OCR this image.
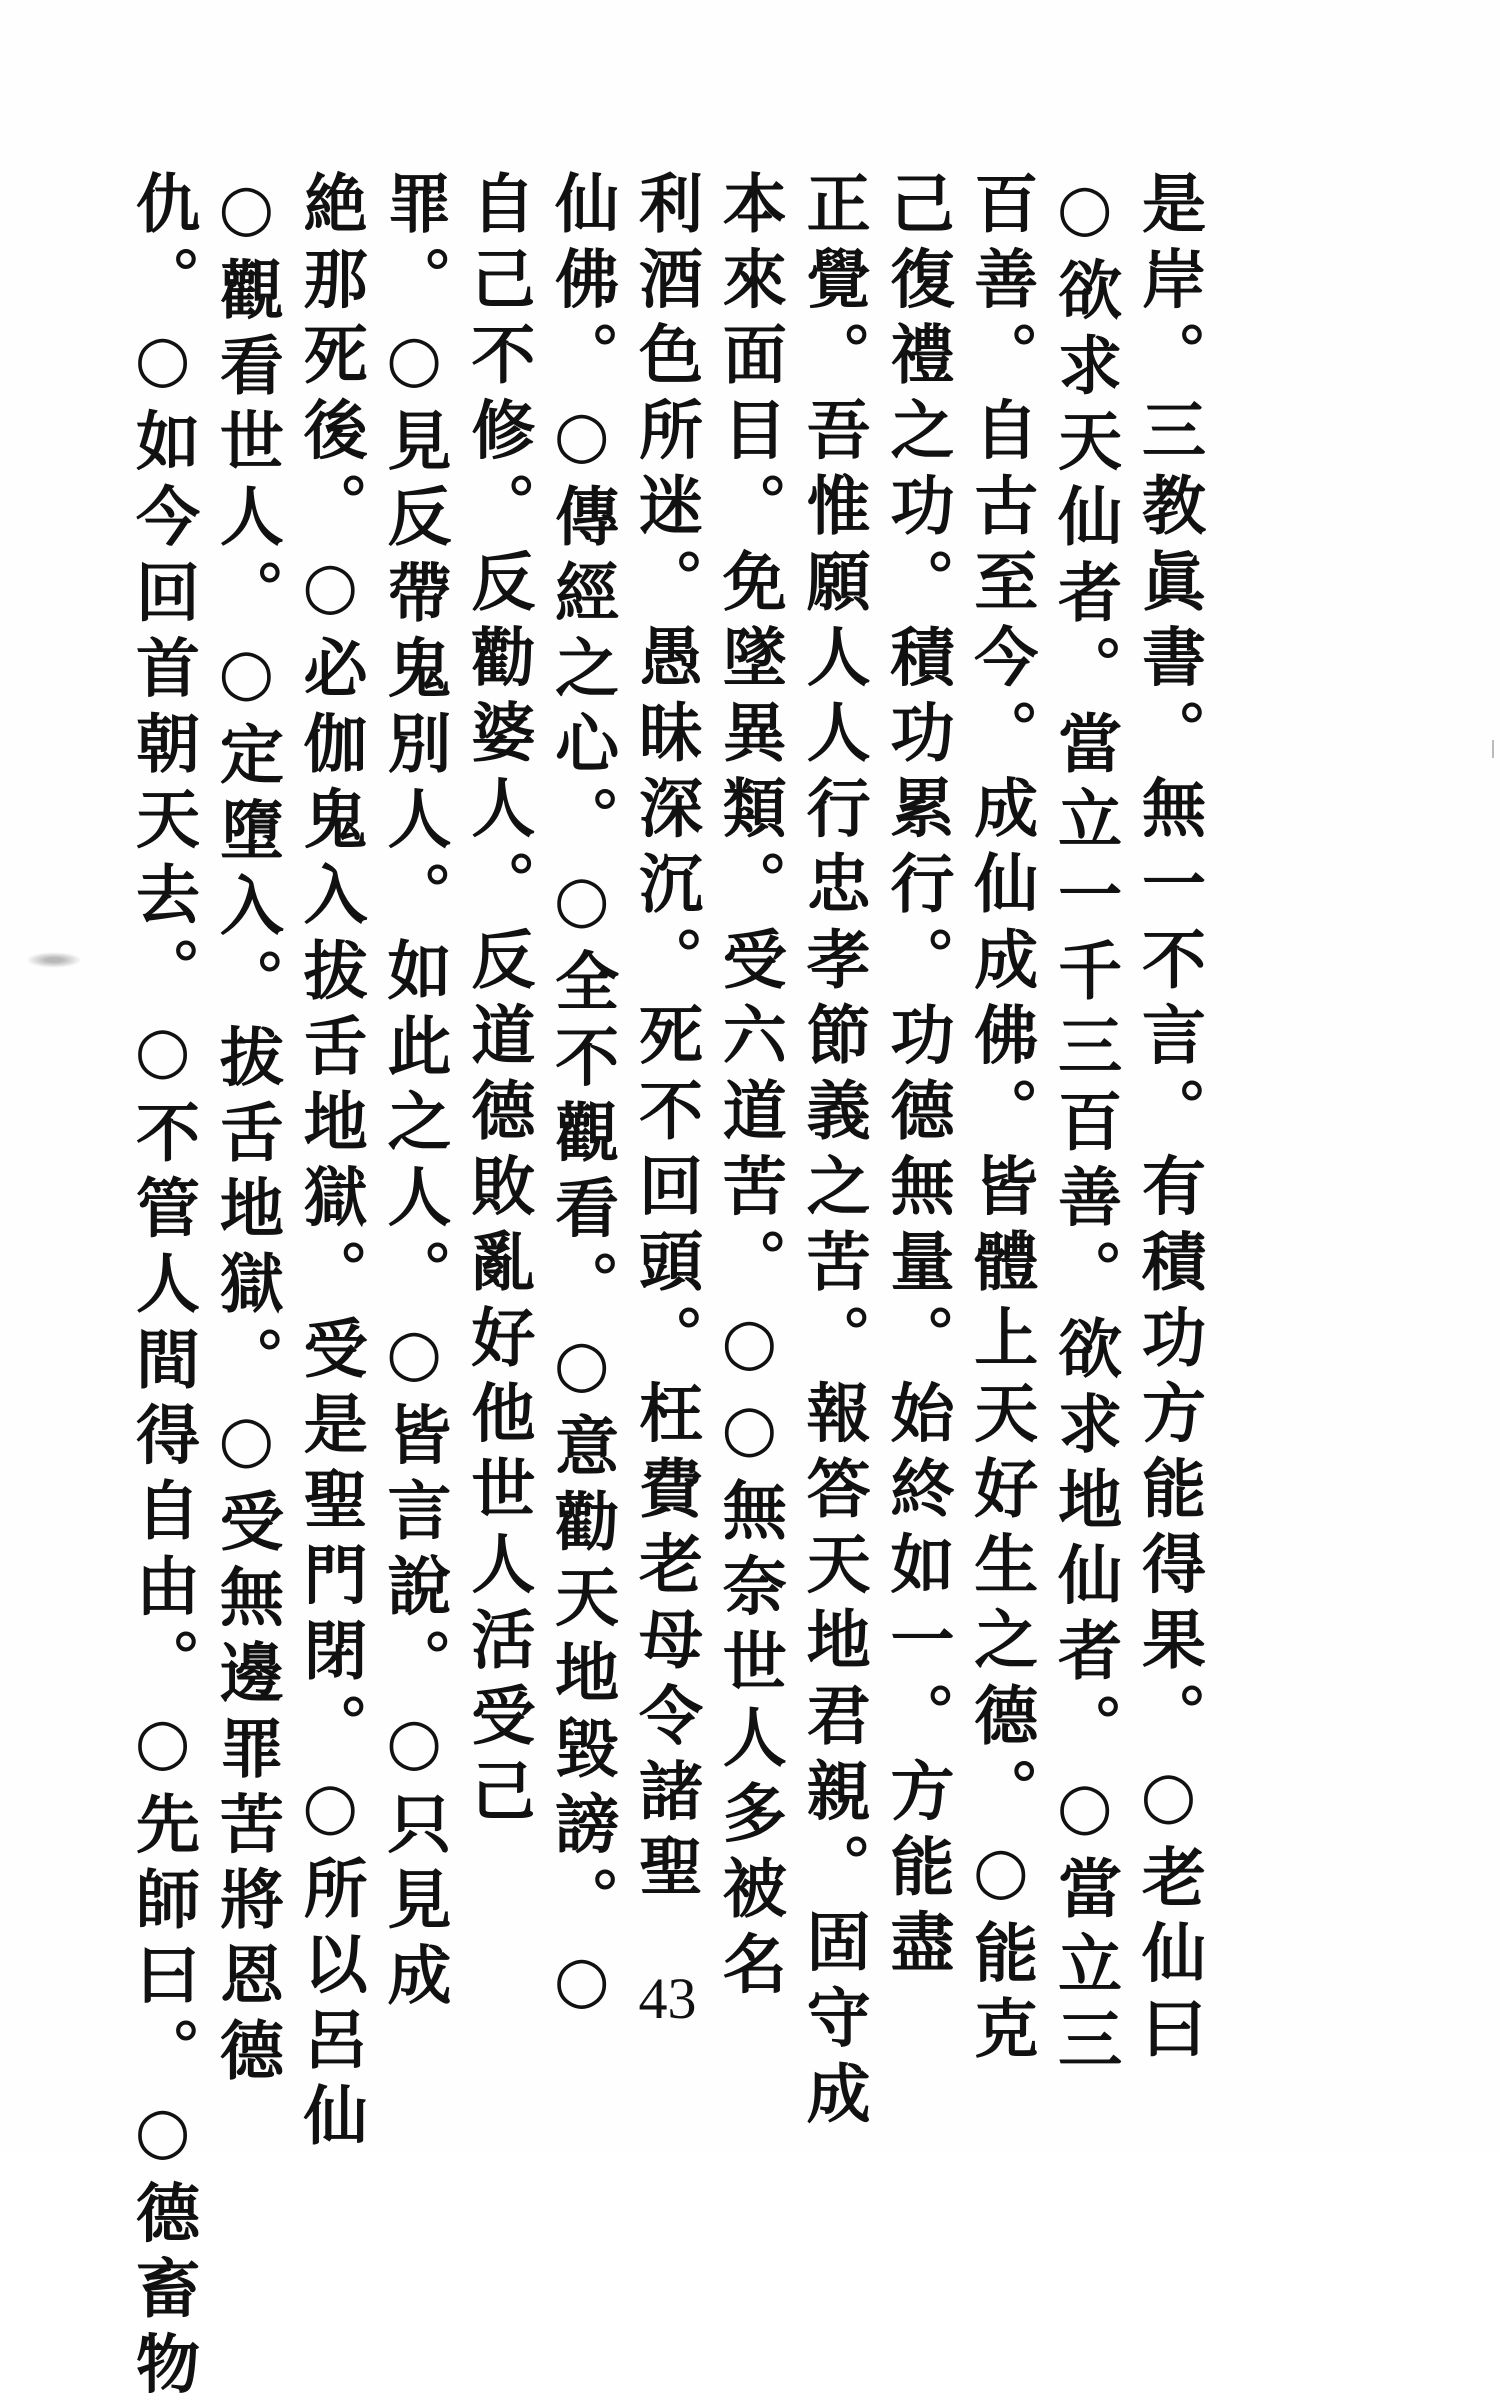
是岸。三教眞書。無一不言。有積功方能得果。○老仙曰
○欲求天仙者。當立一千三百善。欲求地仙者。○當立三
百善。自古至今。成仙成佛。皆體上天好生之德。○能克
己復禮之功。積功累行。功德無量。始終如一。方能盡
正覺。吾惟願人人行忠孝節義之苦。報答天地君親。固守成
本來面目。免墜異類。受六道苦。○○無奈世人多被名
利酒色所迷。愚昧深沉。死不回頭。枉費老母令諸聖
仙佛。○傳經之心。○全不觀看。○意勸天地毀謗。○
自己不修。反勸婆人。反道德敗亂好他世人活受己
罪。○見反帶鬼別人。如此之人。○皆言說。○只見成
絶那死後。○必伽鬼入拔舌地獄。受是聖門閉。○所以呂仙
○觀看世人。○定墮入。拔舌地獄。○受無邊罪苦將恩德
仇。○如今回首朝天去。○不管人間得自由。○先師曰。○德畜物	43
